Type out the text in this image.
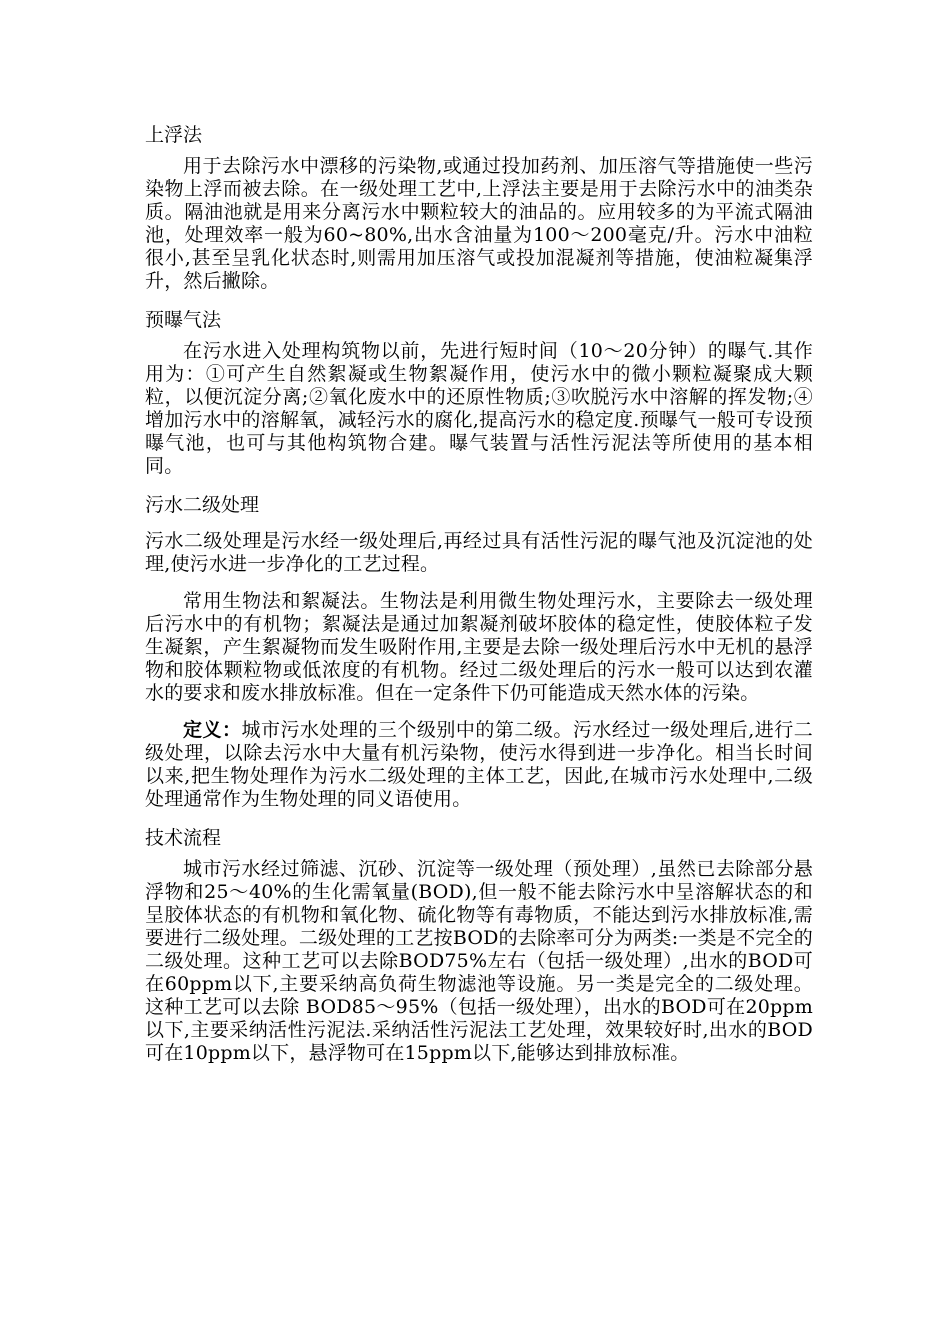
上浮法

用于去除污水中漂移的污染物,或通过投加药剂、加压溶气等措施使一些污染物上浮而被去除。在一级处理工艺中,上浮法主要是用于去除污水中的油类杂质。隔油池就是用来分离污水中颗粒较大的油品的。应用较多的为平流式隔油池，处理效率一般为60~80%,出水含油量为100～200毫克/升。污水中油粒很小,甚至呈乳化状态时,则需用加压溶气或投加混凝剂等措施，使油粒凝集浮升，然后撇除。

预曝气法

在污水进入处理构筑物以前，先进行短时间（10～20分钟）的曝气.其作用为：①可产生自然絮凝或生物絮凝作用，使污水中的微小颗粒凝聚成大颗粒，以便沉淀分离;②氧化废水中的还原性物质;③吹脱污水中溶解的挥发物;④增加污水中的溶解氧，减轻污水的腐化,提高污水的稳定度.预曝气一般可专设预曝气池，也可与其他构筑物合建。曝气装置与活性污泥法等所使用的基本相同。

污水二级处理

污水二级处理是污水经一级处理后,再经过具有活性污泥的曝气池及沉淀池的处理,使污水进一步净化的工艺过程。

常用生物法和絮凝法。生物法是利用微生物处理污水，主要除去一级处理后污水中的有机物；絮凝法是通过加絮凝剂破坏胶体的稳定性，使胶体粒子发生凝絮，产生絮凝物而发生吸附作用,主要是去除一级处理后污水中无机的悬浮物和胶体颗粒物或低浓度的有机物。经过二级处理后的污水一般可以达到农灌水的要求和废水排放标准。但在一定条件下仍可能造成天然水体的污染。

定义：城市污水处理的三个级别中的第二级。污水经过一级处理后,进行二级处理，以除去污水中大量有机污染物，使污水得到进一步净化。相当长时间以来,把生物处理作为污水二级处理的主体工艺，因此,在城市污水处理中,二级处理通常作为生物处理的同义语使用。

技术流程

城市污水经过筛滤、沉砂、沉淀等一级处理（预处理）,虽然已去除部分悬浮物和25～40%的生化需氧量(BOD),但一般不能去除污水中呈溶解状态的和呈胶体状态的有机物和氧化物、硫化物等有毒物质，不能达到污水排放标准,需要进行二级处理。二级处理的工艺按BOD的去除率可分为两类:一类是不完全的二级处理。这种工艺可以去除BOD75%左右（包括一级处理）,出水的BOD可在60ppm以下,主要采纳高负荷生物滤池等设施。另一类是完全的二级处理。这种工艺可以去除 BOD85～95%（包括一级处理），出水的BOD可在20ppm以下,主要采纳活性污泥法.采纳活性污泥法工艺处理，效果较好时,出水的BOD可在10ppm以下，悬浮物可在15ppm以下,能够达到排放标准。
